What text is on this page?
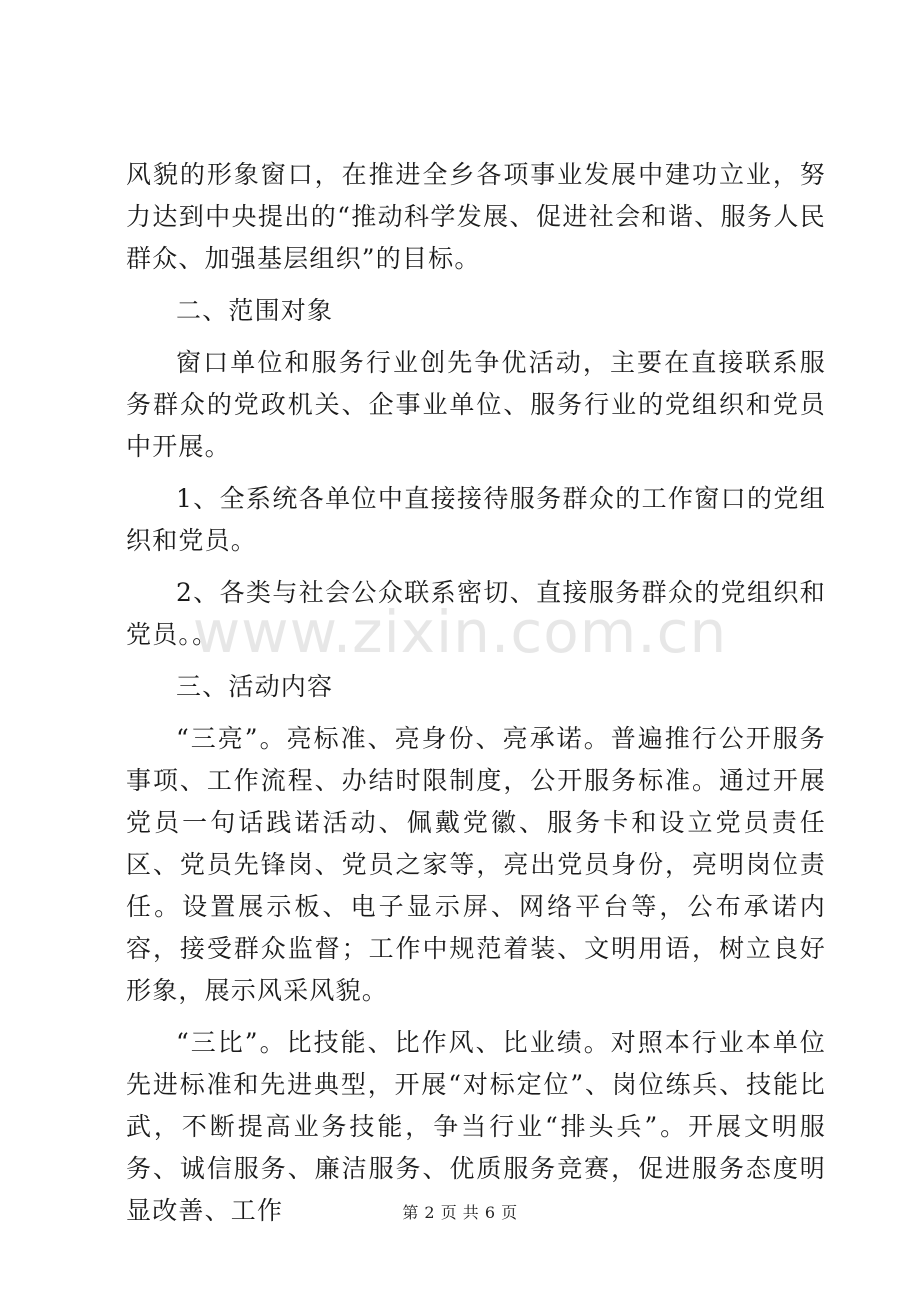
风貌的形象窗口，在推进全乡各项事业发展中建功立业，努力达到中央提出的“推动科学发展、促进社会和谐、服务人民群众、加强基层组织”的目标。

二、范围对象

窗口单位和服务行业创先争优活动，主要在直接联系服务群众的党政机关、企事业单位、服务行业的党组织和党员中开展。

1、全系统各单位中直接接待服务群众的工作窗口的党组织和党员。

2、各类与社会公众联系密切、直接服务群众的党组织和党员。。

三、活动内容

“三亮”。亮标准、亮身份、亮承诺。普遍推行公开服务事项、工作流程、办结时限制度，公开服务标准。通过开展党员一句话践诺活动、佩戴党徽、服务卡和设立党员责任区、党员先锋岗、党员之家等，亮出党员身份，亮明岗位责任。设置展示板、电子显示屏、网络平台等，公布承诺内容，接受群众监督；工作中规范着装、文明用语，树立良好形象，展示风采风貌。

“三比”。比技能、比作风、比业绩。对照本行业本单位先进标准和先进典型，开展“对标定位”、岗位练兵、技能比武，不断提高业务技能，争当行业“排头兵”。开展文明服务、诚信服务、廉洁服务、优质服务竞赛，促进服务态度明显改善、工作

www.zixin.com.cn
第 2 页 共 6 页
